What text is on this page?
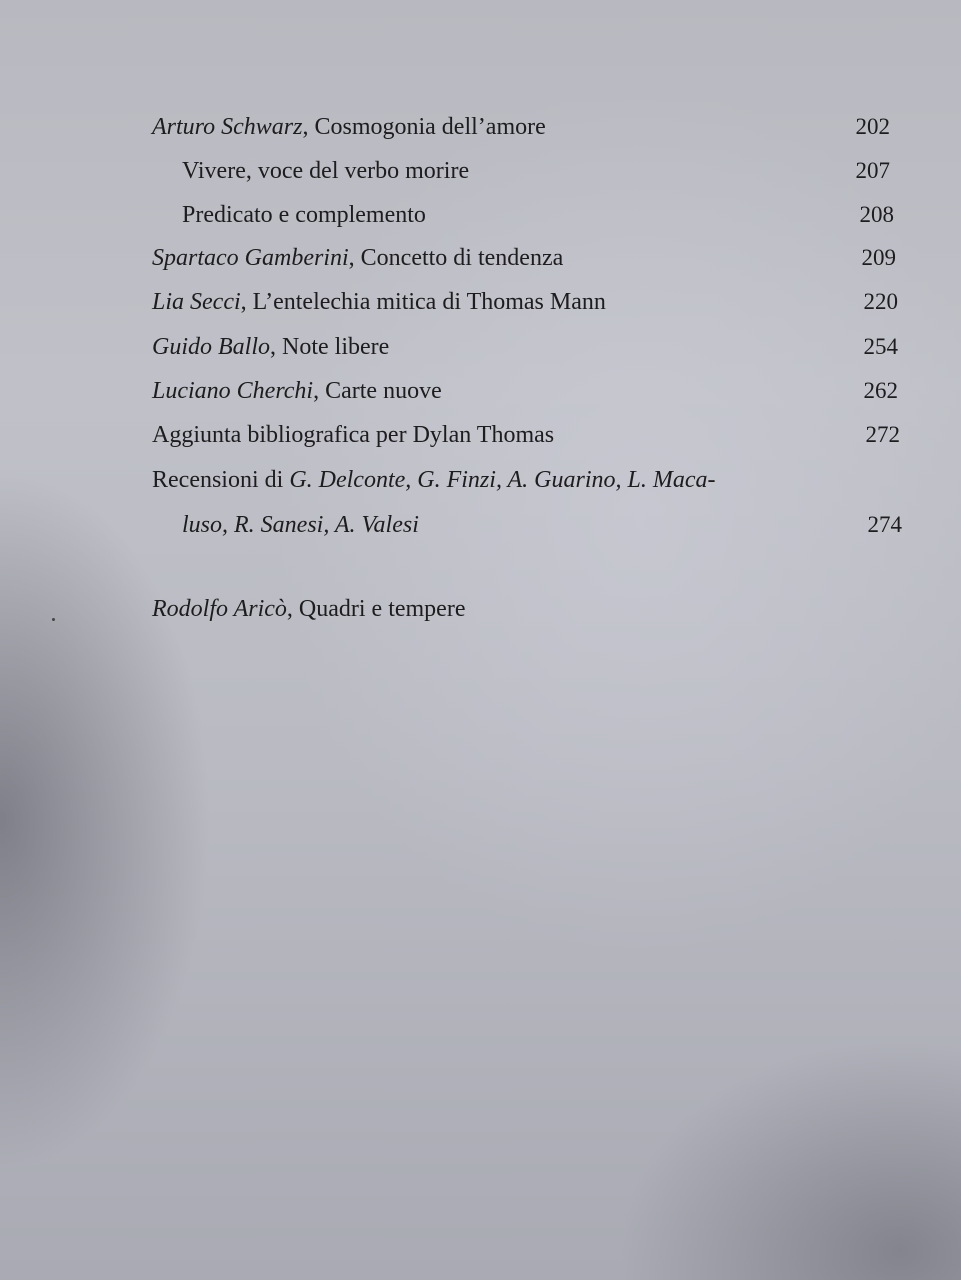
Arturo Schwarz, Cosmogonia dell’amore	202
Vivere, voce del verbo morire	207
Predicato e complemento	208
Spartaco Gamberini, Concetto di tendenza	209
Lia Secci, L’entelechia mitica di Thomas Mann	220
Guido Ballo, Note libere	254
Luciano Cherchi, Carte nuove	262
Aggiunta bibliografica per Dylan Thomas	272
Recensioni di G. Delconte, G. Finzi, A. Guarino, L. Maca-
luso, R. Sanesi, A. Valesi	274
Rodolfo Aricò, Quadri e tempere
